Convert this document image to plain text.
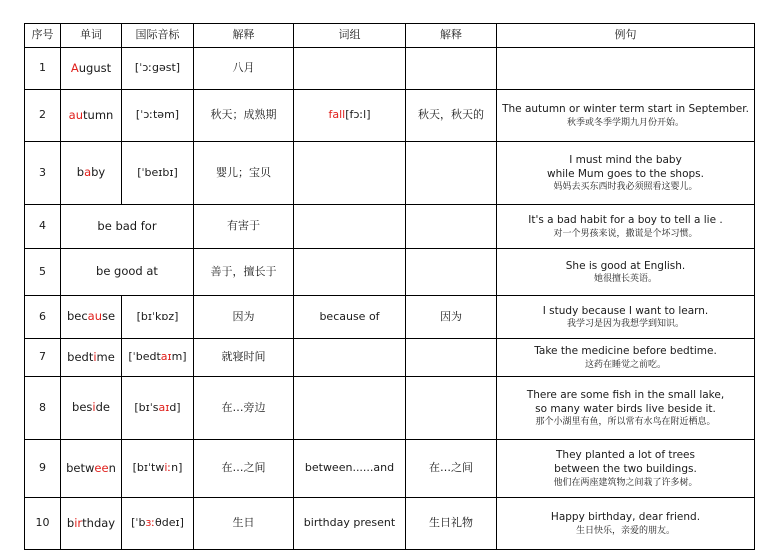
序号	单词	国际音标	解释	词组	解释	例句
1	August	[ˈɔːgəst]	八月			
2	autumn	[ˈɔːtəm]	秋天；成熟期	fall[fɔːl]	秋天，秋天的	The autumn or winter term start in September.
秋季或冬季学期九月份开始。

3	baby	[ˈbeɪbɪ]	婴儿；宝贝			I must mind the baby
while Mum goes to the shops.
妈妈去买东西时我必须照看这婴儿。

4	be bad for		有害于			It's a bad habit for a boy to tell a lie .
对一个男孩来说，撒谎是个坏习惯。

5	be good at		善于，擅长于			She is good at English.
她很擅长英语。

6	because	[bɪˈkɒz]	因为	because of	因为	I study because I want to learn.
我学习是因为我想学到知识。

7	bedtime	[ˈbedtaɪm]	就寝时间			Take the medicine before bedtime.
这药在睡觉之前吃。

8	beside	[bɪˈsaɪd]	在…旁边			There are some fish in the small lake,
so many water birds live beside it.
那个小湖里有鱼，所以常有水鸟在附近栖息。

9	between	[bɪˈtwiːn]	在…之间	between......and	在…之间	They planted a lot of trees
between the two buildings.
他们在两座建筑物之间栽了许多树。

10	birthday	[ˈbɜːθdeɪ]	生日	birthday present	生日礼物	Happy birthday, dear friend.
生日快乐，亲爱的朋友。
